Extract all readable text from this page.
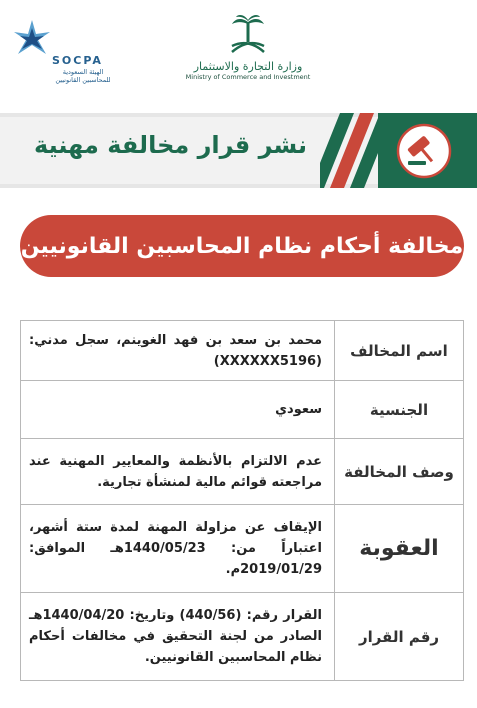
SOCPA
الهيئة السعودية للمحاسبين القانونيين
وزارة التجارة والاستثمار
Ministry of Commerce and Investment
نشر قرار مخالفة مهنية
مخالفة أحكام نظام المحاسبين القانونيين
اسم المخالف	محمد بن سعد بن فهد الغوينم، سجل مدني: (XXXXXX5196)
الجنسية	سعودي
وصف المخالفة	عدم الالتزام بالأنظمة والمعايير المهنية عند مراجعته قوائم مالية لمنشأة تجارية.
العقوبة	الإيقاف عن مزاولة المهنة لمدة ستة أشهر، اعتباراً من: 1440/05/23هـ الموافق: 2019/01/29م.
رقم القرار	القرار رقم: (440/56) وتاريخ: 1440/04/20هـ الصادر من لجنة التحقيق في مخالفات أحكام نظام المحاسبين القانونيين.
